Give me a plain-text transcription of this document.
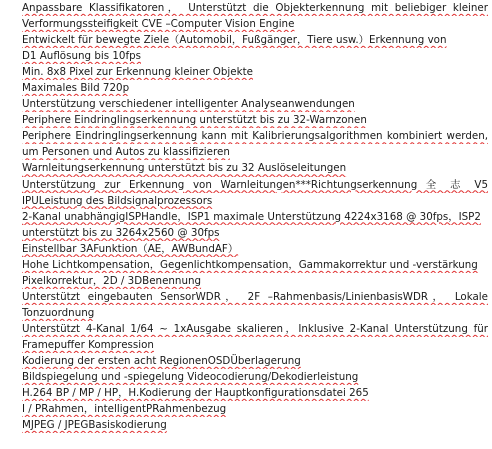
Anpassbare Klassifikatoren， Unterstützt die Objekterkennung mit beliebiger kleiner
Verformungssteifigkeit CVE –Computer Vision Engine
Entwickelt für bewegte Ziele（Automobil，Fußgänger，Tiere usw.）Erkennung von
D1 Auflösung bis 10fps
Min. 8x8 Pixel zur Erkennung kleiner Objekte
Maximales Bild 720p
Unterstützung verschiedener intelligenter Analyseanwendungen
Periphere Eindringlingserkennung unterstützt bis zu 32-Warnzonen
Periphere Eindringlingserkennung kann mit Kalibrierungsalgorithmen kombiniert werden,
um Personen und Autos zu klassifizieren
Warnleitungserkennung unterstützt bis zu 32 Auslöseleitungen
Unterstützung zur Erkennung von Warnleitungen***Richtungserkennung 全 志 V5
IPULeistung des Bildsignalprozessors
2-Kanal unabhängigISPHandle，ISP1 maximale Unterstützung 4224x3168 @ 30fps，ISP2
unterstützt bis zu 3264x2560 @ 30fps
Einstellbar 3AFunktion（AE，AWBundAF）
Hohe Lichtkompensation，Gegenlichtkompensation，Gammakorrektur und -verstärkung
Pixelkorrektur，2D / 3DBenennung
Unterstützt eingebauten SensorWDR， 2F –Rahmenbasis/LinienbasisWDR， Lokale
Tonzuordnung
Unterstützt 4-Kanal 1/64 ~ 1xAusgabe skalieren，Inklusive 2-Kanal Unterstützung für
Framepuffer Kompression
Kodierung der ersten acht RegionenOSDÜberlagerung
Bildspiegelung und -spiegelung Videocodierung/Dekodierleistung
H.264 BP / MP / HP，H.Kodierung der Hauptkonfigurationsdatei 265
I / PRahmen，intelligentPRahmenbezug
MJPEG / JPEGBasiskodierung
